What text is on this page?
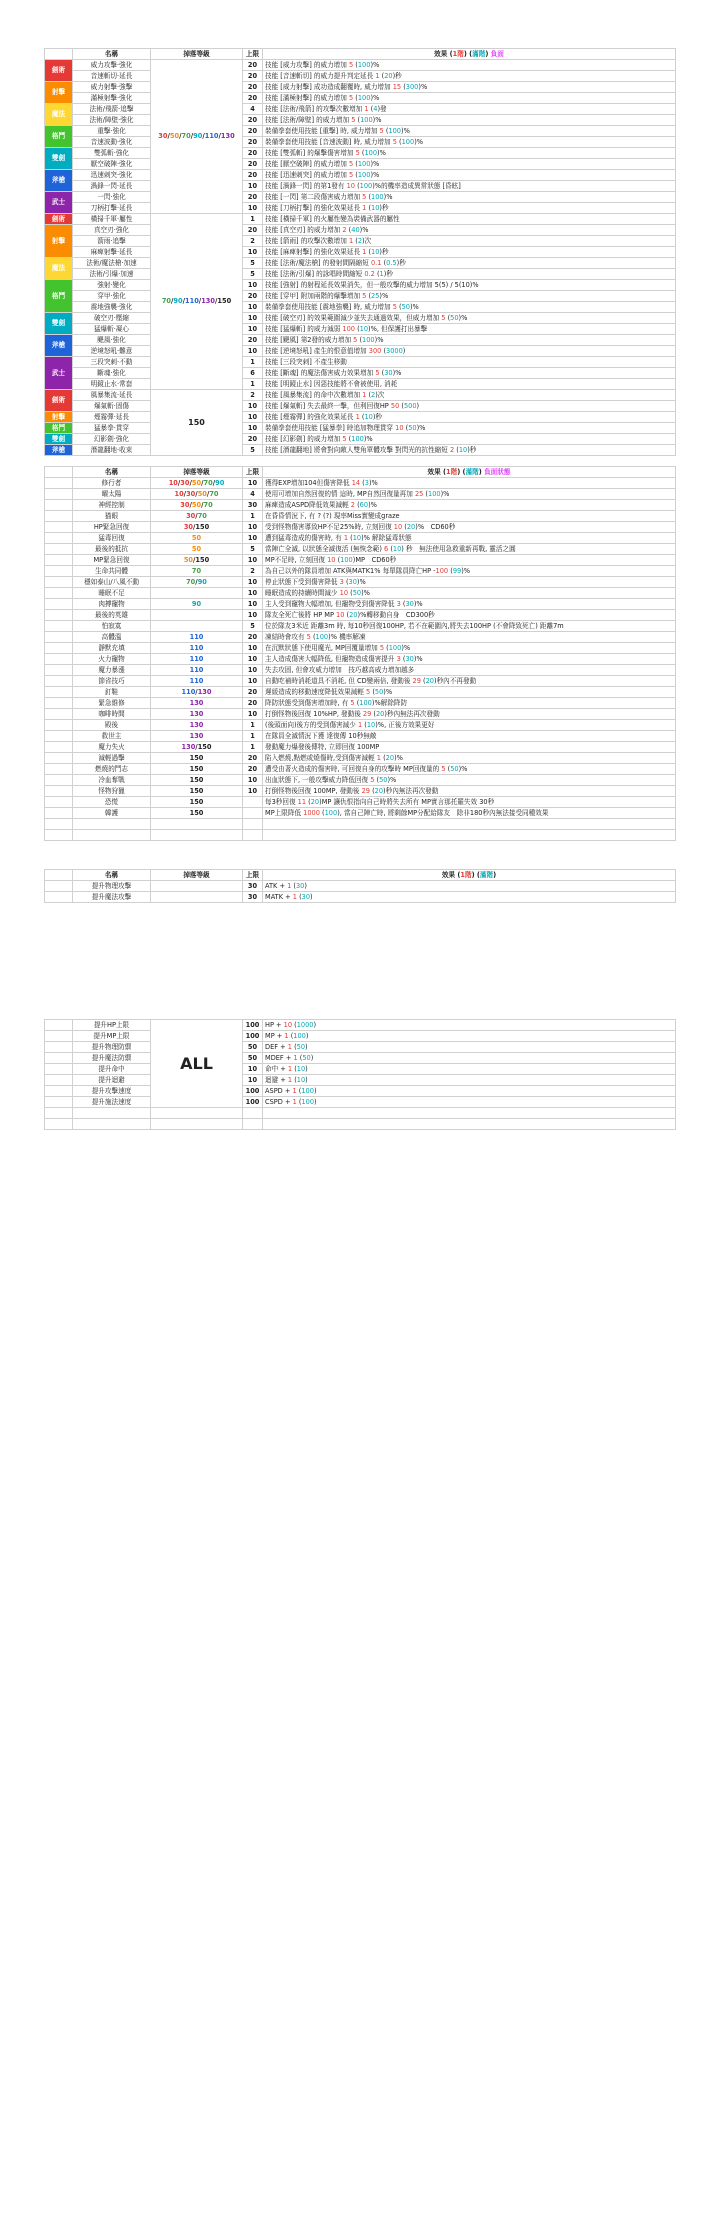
	名稱	掉落等級	上限	效果 (1階) (滿階) 負面
劍術	威力攻擊·強化	30/50/70/90/110/130	20	技能 [威力攻擊] 的威力增加 5 (100)%
	音速斬切·延長		20	技能 [音速斬切] 的威力提升判定延長 1 (20)秒
射擊	威力射擊·強擊		20	技能 [威力射擊] 成功造成翻覆時, 威力增加 15 (300)%
	滿極射擊·強化		20	技能 [滿極射擊] 的威力增加 5 (100)%
魔法	法術/飛箭·追擊		4	技能 [法術/飛箭] 的攻擊次數增加 1 (4)發
	法術/障壁·強化		20	技能 [法術/障壁] 的威力增加 5 (100)%
格鬥	重擊·強化		20	裝備拳套使用技能 [重擊] 時, 威力增加 5 (100)%
	音速波動·強化		20	裝備拳套使用技能 [音速波動] 時, 威力增加 5 (100)%
雙劍	雙弧斬·強化		20	技能 [雙弧斬] 的爆擊傷害增加 5 (100)%
	厭空破陣·強化		20	技能 [厭空破陣] 的威力增加 5 (100)%
斧槍	迅速刺突·強化		20	技能 [迅速刺突] 的威力增加 5 (100)%
	渦鋒一閃·延長		10	技能 [渦鋒一閃] 的第1發有 10 (100)%的機率造成異常狀態 [昏眩]
武士	一閃·強化		20	技能 [一閃] 第二段傷害威力增加 5 (100)%
	刀柄打擊·延長		10	技能 [刀柄打擊] 的強化效果延長 1 (10)秒
劍術	橫掃千軍·屬性	70/90/110/130/150	1	技能 [橫掃千軍] 的火屬性變為裝備武器的屬性
射擊	真空刃·強化		20	技能 [真空刃] 的威力增加 2 (40)%
	箭雨·追擊		2	技能 [箭雨] 的攻擊次數增加 1 (2)次
	麻痺射擊·延長		10	技能 [麻痺射擊] 的強化效果延長 1 (10)秒
魔法	法術/魔法槍·加速		5	技能 [法術/魔法槍] 的發射間隔縮短 0.1 (0.5)秒
	法術/引爆·加速		5	技能 [法術/引爆] 的詠唱時間縮短 0.2 (1)秒
格鬥	強射·變化		10	技能 [強射] 的射程延長效果消失，但一般攻擊的威力增加 5(5) / 5(10)%
	穿甲·強化		20	技能 [穿甲] 附加兩階的爆擊增加 5 (25)%
	震地強襲·強化		10	裝備拳套使用技能 [震地強襲] 時, 威力增加 5 (50)%
雙劍	破空刃·壓縮		10	技能 [破空刃] 的效果範圍減少並失去通過效果，但威力增加 5 (50)%
	猛爆斬·凝心		10	技能 [猛爆斬] 的威力減弱 100 (10)%, 但保護打出暴擊
斧槍	颶風·強化		20	技能 [颶風] 第2發的威力增加 5 (100)%
	逆境怒吼·難意		10	技能 [逆境怒吼] 產生的恨意值增加 300 (3000)
武士	三段突刺·不動		1	技能 [三段突刺] 不產生移動
	斷魂·強化		6	技能 [斷魂] 的魔法傷害威力效果增加 5 (30)%
	明鏡止水·常套		1	技能 [明鏡止水] 因惡技能將不會被使用, 消耗
劍術	風暴集流·延長	150	2	技能 [風暴集流] 的命中次數增加 1 (2)次
	爆氣斬·固傷		10	技能 [爆氣斬] 失去最終一擊，但利回復HP 50 (500)
射擊	煙霧彈·延長		10	技能 [煙霧彈] 的強化效果延長 1 (10)秒
格鬥	猛暴拳·貫穿		10	裝備拳套使用技能 [猛暴拳] 時追加物理貫穿 10 (50)%
雙劍	幻影劍·強化		20	技能 [幻影劍] 的威力增加 5 (100)%
斧槍	潛龍翻地·收束		5	技能 [潛龍翻地] 將會對向敵人雙角單體攻擊 對閃光的抗性縮短 2 (10)秒
	名稱	掉落等級	上限	效果 (1階) (滿階) 負面狀態
	修行者	10/30/50/70/90	10	獲得EXP增加104但傷害降低 14 (3)%
	曜太陽	10/30/50/70	4	使用可增加自然回復的情 這時, MP自然回復量再加 25 (100)%
	神經控制	30/50/70	30	麻痺造成ASPD降低效果減輕 2 (60)%
	猫眼	30/70	1	在昏昏情況下, 有 ? (?) 現率Miss實變成graze
	HP緊急回復	30/150	10	受到怪物傷害導致HP不足25%時, 立刻回復 10 (20)%　CD60秒
	猛毒回復	50	10	遭到猛毒造成的傷害時, 有 1 (10)% 解除猛毒狀態
	最後的抵抗	50	5	當陣亡全滅, 以狀態全滅復活 (無恢念範) 6 (10) 秒　無法使用急救重新再戰, 靈活之圓
	MP緊急回復	50/150	10	MP不足時, 立刻回復 10 (100)MP　CD60秒
	生命共同體	70	2	為自己以外的隊員增加 ATK與MATK1% 每單隊員降亡HP -100 (99)%
	穩如泰山/八風不動	70/90	10	停止狀態下受到傷害降低 3 (30)%
	睡眠不足		10	睡眠造成的持續時間減少 10 (50)%
	肉搏寵物	90	10	主人受到寵物大幅增加, 但寵物受到傷害降低 3 (30)%
	最後的英雄		10	隊友全死亡後將 HP MP 10 (20)%轉移動自身　CD300秒
	怕寂寞		5	位於隊友3米近 距離3m 時, 每10秒回復100HP, 若不在範圍內,將失去100HP (不會降致死亡) 距離7m
	高體溫	110	20	凍結時會攻有 5 (100)% 機率解凍
	靜默充填	110	10	在沉默狀態下使用魔光, MP回覆量增加 5 (100)%
	火力寵物	110	10	主人造成傷害大幅降低, 但寵物造成傷害提升 3 (30)%
	魔力暴漲	110	10	失去攻固, 但會攻威力增加　技巧越高威力增加越多
	節省技巧	110	10	自動吃補時消耗道具不消耗, 但 CD變兩倍, 發動後 29 (20)秒內不再發動
	釘鞋	110/130	20	遲緩造成的移動速度降低效果減輕 5 (50)%
	緊急維修	130	20	降防狀態受到傷害增加時, 有 5 (100)%解除降防
	咖啡時間	130	10	打倒怪物後回復 10%HP, 發動後 29 (20)秒內無法再次發動
	殿後	130	1	(後頭面向)後方的受到傷害減少 1 (10)%, 正後方效果更好
	救世主	130	1	在隊員全滅情況下獲 達復傳 10秒無敵
	魔力失火	130/150	1	發動魔力爆發後傳特, 立即回復 100MP
	減輕過擊	150	20	陷入燃燒,點燃或燒傷時,受到傷害減輕 1 (20)%
	燃燒的鬥志	150	20	遭受由著火造成的傷害時, 可回復自身的攻擊時 MP回復量的 5 (50)%
	冷血奪戰	150	10	出血狀態下, 一般攻擊威力降低回復 5 (50)%
	怪物狩獵	150	10	打倒怪物後回復 100MP, 發動後 29 (20)秒內無法再次發動
	恐慌	150		每3秒回復 11 (20)MP 讓仇恨指向自己時將失去所有 MP實言那托羅失效 30秒
	韓護	150		MP上限降低 1000 (100), 當自己陣亡時, 將剩餘MP分配給隊友　除非180秒內無法接受同種效果

	名稱	掉落等級	上限	效果 (1階) (滿階)
	提升物理攻擊		30	ATK + 1 (30)
	提升魔法攻擊		30	MATK + 1 (30)
	提升HP上限	ALL	100	HP + 10 (1000)
	提升MP上限		100	MP + 1 (100)
	提升物理防禦		50	DEF + 1 (50)
	提升魔法防禦		50	MDEF + 1 (50)
	提升命中		10	命中 + 1 (10)
	提升迴避		10	迴避 + 1 (10)
	提升攻擊速度		100	ASPD + 1 (100)
	提升施法速度		100	CSPD + 1 (100)
